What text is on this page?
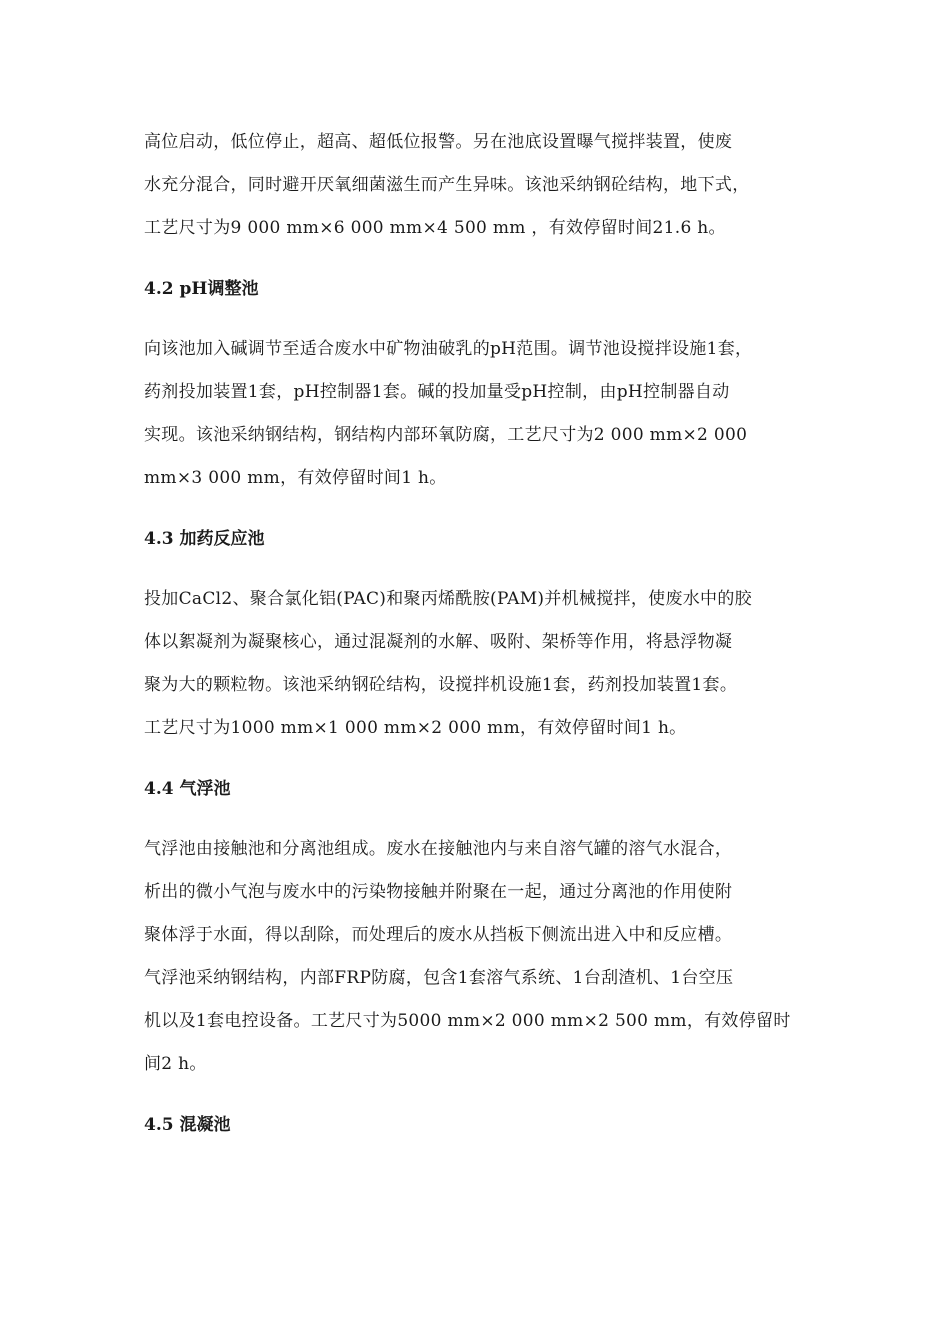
高位启动，低位停止，超高、超低位报警。另在池底设置曝气搅拌装置，使废
水充分混合，同时避开厌氧细菌滋生而产生异味。该池采纳钢砼结构，地下式，
工艺尺寸为9 000 mm×6 000 mm×4 500 mm ，有效停留时间21.6 h。
4.2 pH调整池
向该池加入碱调节至适合废水中矿物油破乳的pH范围。调节池设搅拌设施1套，
药剂投加装置1套，pH控制器1套。碱的投加量受pH控制，由pH控制器自动
实现。该池采纳钢结构，钢结构内部环氧防腐，工艺尺寸为2 000 mm×2 000
mm×3 000 mm，有效停留时间1 h。
4.3 加药反应池
投加CaCl2、聚合氯化铝(PAC)和聚丙烯酰胺(PAM)并机械搅拌，使废水中的胶
体以絮凝剂为凝聚核心，通过混凝剂的水解、吸附、架桥等作用，将悬浮物凝
聚为大的颗粒物。该池采纳钢砼结构，设搅拌机设施1套，药剂投加装置1套。
工艺尺寸为1000 mm×1 000 mm×2 000 mm，有效停留时间1 h。
4.4 气浮池
气浮池由接触池和分离池组成。废水在接触池内与来自溶气罐的溶气水混合，
析出的微小气泡与废水中的污染物接触并附聚在一起，通过分离池的作用使附
聚体浮于水面，得以刮除，而处理后的废水从挡板下侧流出进入中和反应槽。
气浮池采纳钢结构，内部FRP防腐，包含1套溶气系统、1台刮渣机、1台空压
机以及1套电控设备。工艺尺寸为5000 mm×2 000 mm×2 500 mm，有效停留时
间2 h。
4.5 混凝池
